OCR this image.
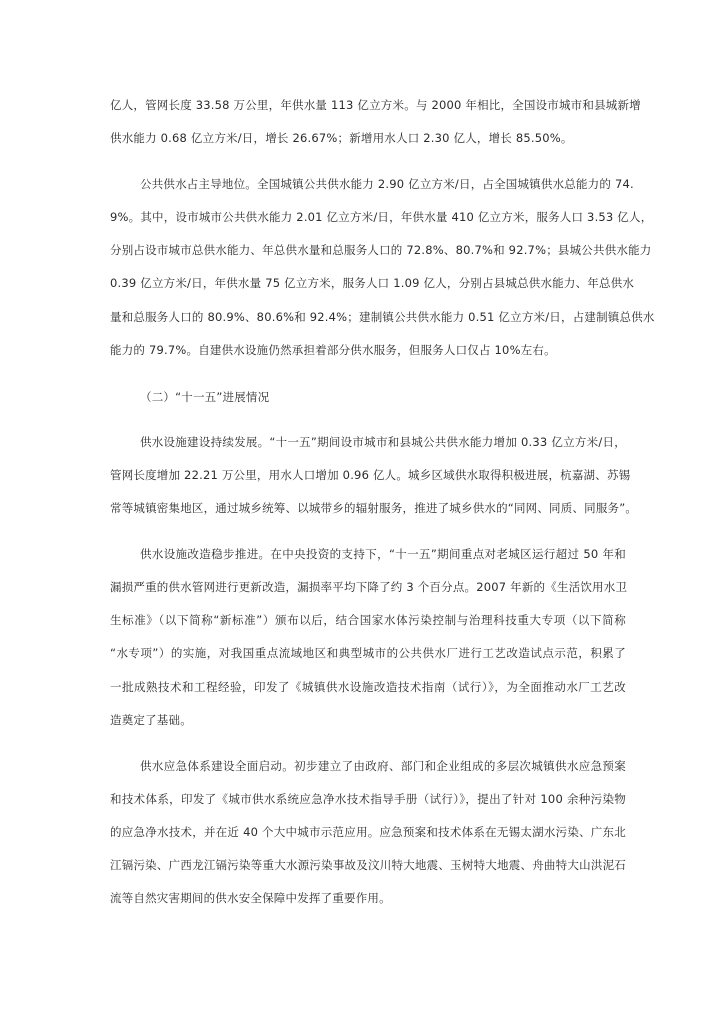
亿人，管网长度 33.58 万公里，年供水量 113 亿立方米。与 2000 年相比，全国设市城市和县城新增
供水能力 0.68 亿立方米/日，增长 26.67%；新增用水人口 2.30 亿人，增长 85.50%。
公共供水占主导地位。全国城镇公共供水能力 2.90 亿立方米/日，占全国城镇供水总能力的 74.
9%。其中，设市城市公共供水能力 2.01 亿立方米/日，年供水量 410 亿立方米，服务人口 3.53 亿人，
分别占设市城市总供水能力、年总供水量和总服务人口的 72.8%、80.7%和 92.7%；县城公共供水能力
0.39 亿立方米/日，年供水量 75 亿立方米，服务人口 1.09 亿人，分别占县城总供水能力、年总供水
量和总服务人口的 80.9%、80.6%和 92.4%；建制镇公共供水能力 0.51 亿立方米/日，占建制镇总供水
能力的 79.7%。自建供水设施仍然承担着部分供水服务，但服务人口仅占 10%左右。
（二）“十一五”进展情况
供水设施建设持续发展。“十一五”期间设市城市和县城公共供水能力增加 0.33 亿立方米/日，
管网长度增加 22.21 万公里，用水人口增加 0.96 亿人。城乡区域供水取得积极进展，杭嘉湖、苏锡
常等城镇密集地区，通过城乡统筹、以城带乡的辐射服务，推进了城乡供水的“同网、同质、同服务”。
供水设施改造稳步推进。在中央投资的支持下，“十一五”期间重点对老城区运行超过 50 年和
漏损严重的供水管网进行更新改造，漏损率平均下降了约 3 个百分点。2007 年新的《生活饮用水卫
生标准》（以下简称“新标准”）颁布以后，结合国家水体污染控制与治理科技重大专项（以下简称
“水专项”）的实施，对我国重点流域地区和典型城市的公共供水厂进行工艺改造试点示范，积累了
一批成熟技术和工程经验，印发了《城镇供水设施改造技术指南（试行）》，为全面推动水厂工艺改
造奠定了基础。
供水应急体系建设全面启动。初步建立了由政府、部门和企业组成的多层次城镇供水应急预案
和技术体系，印发了《城市供水系统应急净水技术指导手册（试行）》，提出了针对 100 余种污染物
的应急净水技术，并在近 40 个大中城市示范应用。应急预案和技术体系在无锡太湖水污染、广东北
江镉污染、广西龙江镉污染等重大水源污染事故及汶川特大地震、玉树特大地震、舟曲特大山洪泥石
流等自然灾害期间的供水安全保障中发挥了重要作用。
